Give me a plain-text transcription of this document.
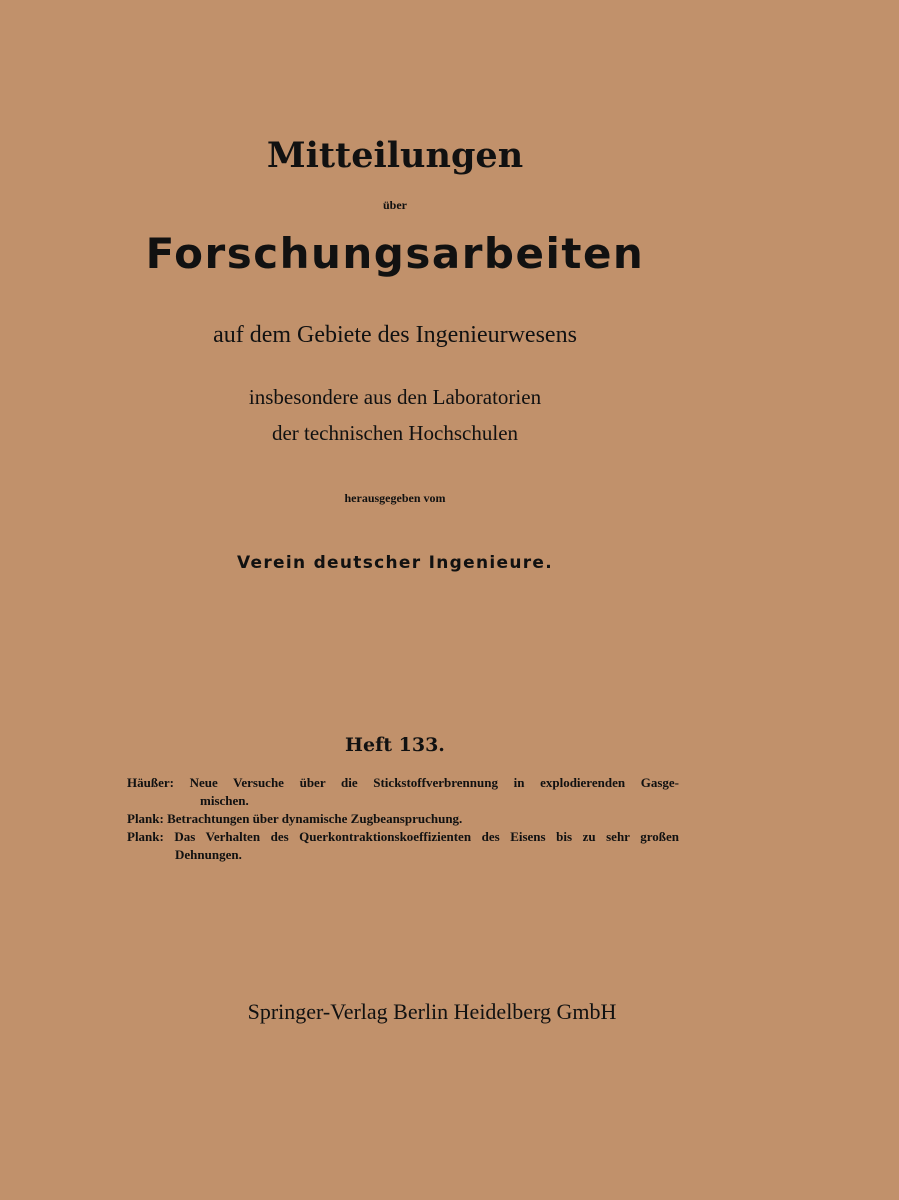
Mitteilungen
über
Forschungsarbeiten
auf dem Gebiete des Ingenieurwesens
insbesondere aus den Laboratorien
der technischen Hochschulen
herausgegeben vom
Verein deutscher Ingenieure.
Heft 133.
Häußer: Neue Versuche über die Stickstoffverbrennung in explodierenden Gasge-
mischen.
Plank: Betrachtungen über dynamische Zugbeanspruchung.
Plank: Das Verhalten des Querkontraktionskoeffizienten des Eisens bis zu sehr großen
Dehnungen.
Springer-Verlag Berlin Heidelberg GmbH
